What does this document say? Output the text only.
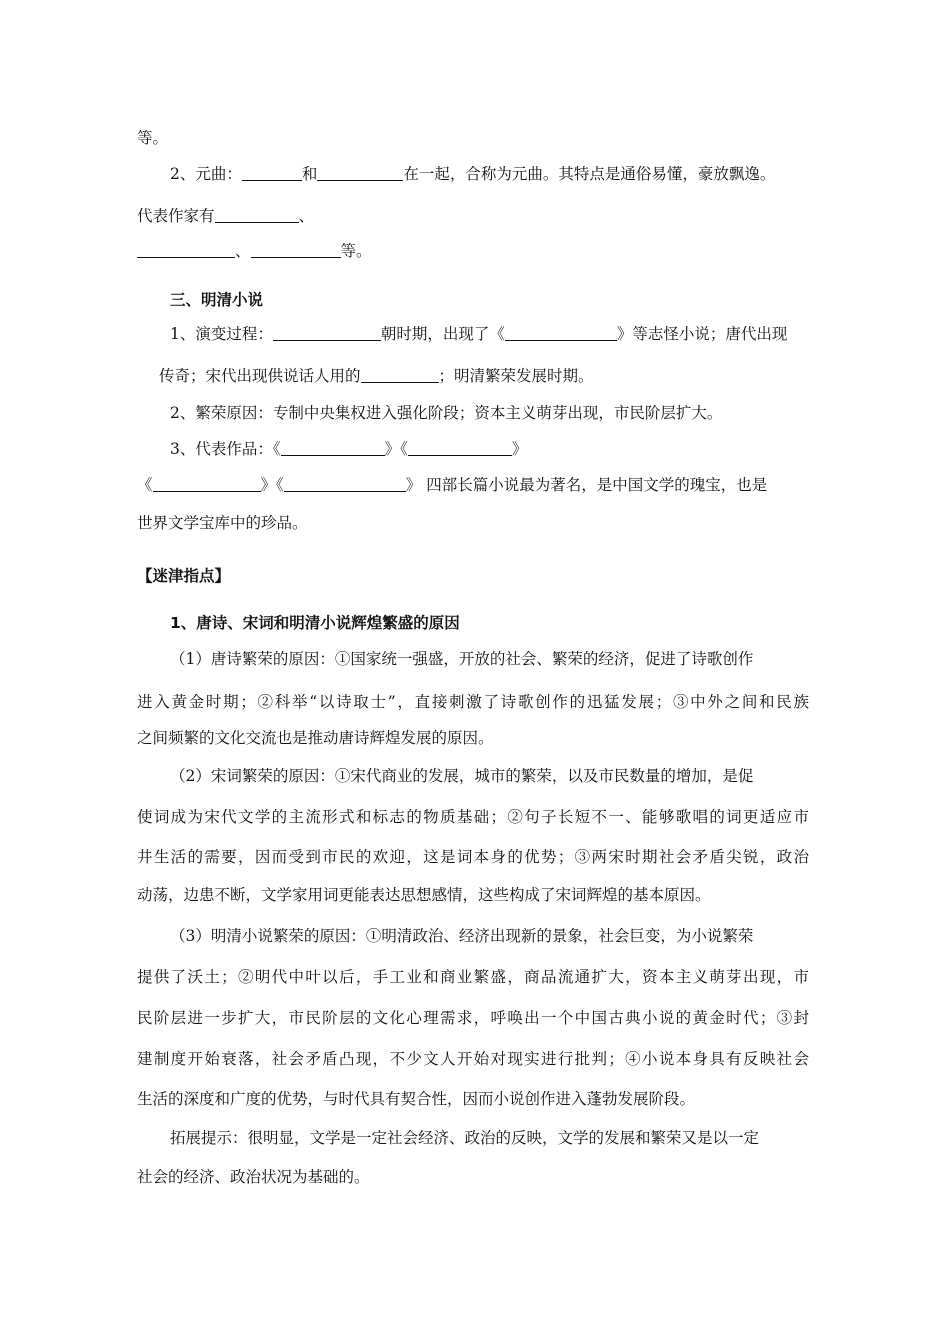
等。
2、元曲：	和	在一起，合称为元曲。其特点是通俗易懂，豪放飘逸。
代表作家有	、
、	等。
三、明清小说
1、演变过程：	朝时期，出现了《	》等志怪小说；唐代出现
传奇；宋代出现供说话人用的	；明清繁荣发展时期。
2、繁荣原因：专制中央集权进入强化阶段；资本主义萌芽出现，市民阶层扩大。
3、代表作品：《	》《	》
《	》《	》 四部长篇小说最为著名，是中国文学的瑰宝，也是
世界文学宝库中的珍品。
【迷津指点】
1、唐诗、宋词和明清小说辉煌繁盛的原因
（1）唐诗繁荣的原因：①国家统一强盛，开放的社会、繁荣的经济，促进了诗歌创作
进入黄金时期；②科举“以诗取士”，直接刺激了诗歌创作的迅猛发展；③中外之间和民族
之间频繁的文化交流也是推动唐诗辉煌发展的原因。
（2）宋词繁荣的原因：①宋代商业的发展，城市的繁荣，以及市民数量的增加，是促
使词成为宋代文学的主流形式和标志的物质基础；②句子长短不一、能够歌唱的词更适应市
井生活的需要，因而受到市民的欢迎，这是词本身的优势；③两宋时期社会矛盾尖锐，政治
动荡，边患不断，文学家用词更能表达思想感情，这些构成了宋词辉煌的基本原因。
（3）明清小说繁荣的原因：①明清政治、经济出现新的景象，社会巨变，为小说繁荣
提供了沃土；②明代中叶以后，手工业和商业繁盛，商品流通扩大，资本主义萌芽出现，市
民阶层进一步扩大，市民阶层的文化心理需求，呼唤出一个中国古典小说的黄金时代；③封
建制度开始衰落，社会矛盾凸现，不少文人开始对现实进行批判；④小说本身具有反映社会
生活的深度和广度的优势，与时代具有契合性，因而小说创作进入蓬勃发展阶段。
拓展提示：很明显，文学是一定社会经济、政治的反映，文学的发展和繁荣又是以一定
社会的经济、政治状况为基础的。
